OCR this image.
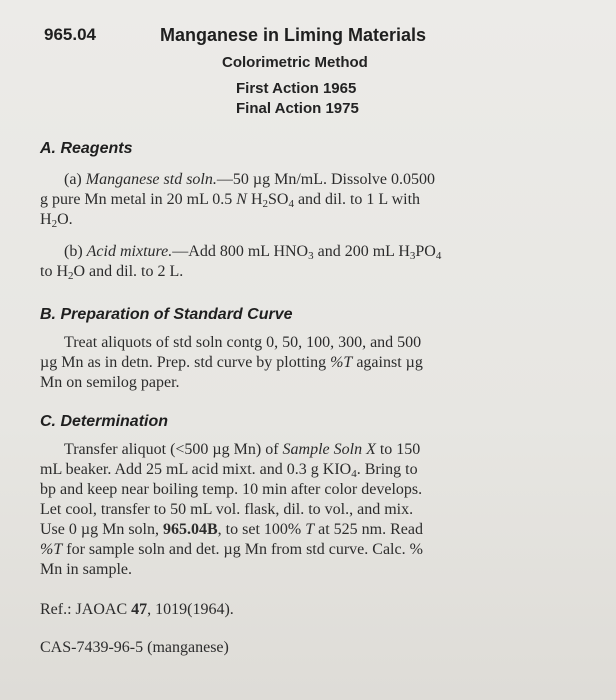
965.04	Manganese in Liming Materials
Colorimetric Method
First Action 1965
Final Action 1975
A. Reagents
(a) Manganese std soln.—50 µg Mn/mL. Dissolve 0.0500
g pure Mn metal in 20 mL 0.5 N $H_2SO_4$ and dil. to 1 L with
$H_2O$.
(b) Acid mixture.—Add 800 mL $HNO_3$ and 200 mL $H_3PO_4$
to $H_2O$ and dil. to 2 L.
B. Preparation of Standard Curve
Treat aliquots of std soln contg 0, 50, 100, 300, and 500
µg Mn as in detn. Prep. std curve by plotting %T against µg
Mn on semilog paper.
C. Determination
Transfer aliquot (<500 µg Mn) of Sample Soln X to 150
mL beaker. Add 25 mL acid mixt. and 0.3 g $KIO_4$. Bring to
bp and keep near boiling temp. 10 min after color develops.
Let cool, transfer to 50 mL vol. flask, dil. to vol., and mix.
Use 0 µg Mn soln, 965.04B, to set 100% T at 525 nm. Read
%T for sample soln and det. µg Mn from std curve. Calc. %
Mn in sample.
Ref.: JAOAC 47, 1019(1964).
CAS-7439-96-5 (manganese)
